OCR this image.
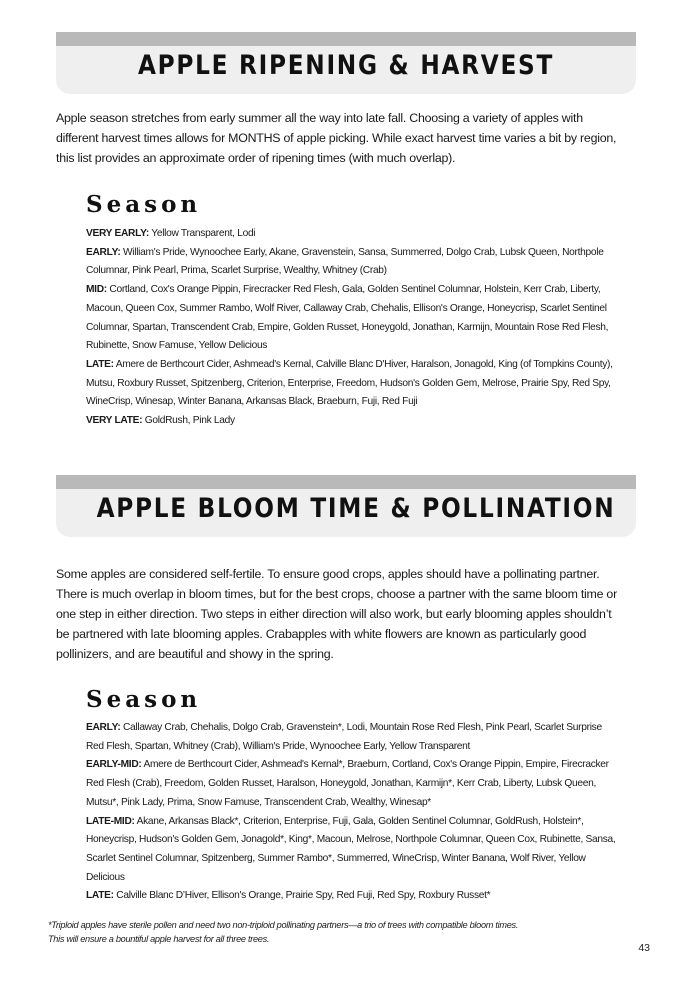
APPLE RIPENING & HARVEST
Apple season stretches from early summer all the way into late fall. Choosing a variety of apples with different harvest times allows for MONTHS of apple picking. While exact harvest time varies a bit by region, this list provides an approximate order of ripening times (with much overlap).
Season

VERY EARLY: Yellow Transparent, Lodi

EARLY: William's Pride, Wynoochee Early, Akane, Gravenstein, Sansa, Summerred, Dolgo Crab, Lubsk Queen, Northpole Columnar, Pink Pearl, Prima, Scarlet Surprise, Wealthy, Whitney (Crab)

MID: Cortland, Cox's Orange Pippin, Firecracker Red Flesh, Gala, Golden Sentinel Columnar, Holstein, Kerr Crab, Liberty, Macoun, Queen Cox, Summer Rambo, Wolf River, Callaway Crab, Chehalis, Ellison's Orange, Honeycrisp, Scarlet Sentinel Columnar, Spartan, Transcendent Crab, Empire, Golden Russet, Honeygold, Jonathan, Karmijn, Mountain Rose Red Flesh, Rubinette, Snow Famuse, Yellow Delicious

LATE: Amere de Berthcourt Cider, Ashmead's Kernal, Calville Blanc D'Hiver, Haralson, Jonagold, King (of Tompkins County), Mutsu, Roxbury Russet, Spitzenberg, Criterion, Enterprise, Freedom, Hudson's Golden Gem, Melrose, Prairie Spy, Red Spy, WineCrisp, Winesap, Winter Banana, Arkansas Black, Braeburn, Fuji, Red Fuji

VERY LATE: GoldRush, Pink Lady

APPLE BLOOM TIME & POLLINATION
Some apples are considered self-fertile. To ensure good crops, apples should have a pollinating partner. There is much overlap in bloom times, but for the best crops, choose a partner with the same bloom time or one step in either direction. Two steps in either direction will also work, but early blooming apples shouldn’t be partnered with late blooming apples. Crabapples with white flowers are known as particularly good pollinizers, and are beautiful and showy in the spring.
Season

EARLY: Callaway Crab, Chehalis, Dolgo Crab, Gravenstein*, Lodi, Mountain Rose Red Flesh, Pink Pearl, Scarlet Surprise Red Flesh, Spartan, Whitney (Crab), William's Pride, Wynoochee Early, Yellow Transparent

EARLY-MID: Amere de Berthcourt Cider, Ashmead's Kernal*, Braeburn, Cortland, Cox's Orange Pippin, Empire, Firecracker Red Flesh (Crab), Freedom, Golden Russet, Haralson, Honeygold, Jonathan, Karmijn*, Kerr Crab, Liberty, Lubsk Queen, Mutsu*, Pink Lady, Prima, Snow Famuse, Transcendent Crab, Wealthy, Winesap*

LATE-MID: Akane, Arkansas Black*, Criterion, Enterprise, Fuji, Gala, Golden Sentinel Columnar, GoldRush, Holstein*, Honeycrisp, Hudson's Golden Gem, Jonagold*, King*, Macoun, Melrose, Northpole Columnar, Queen Cox, Rubinette, Sansa, Scarlet Sentinel Columnar, Spitzenberg, Summer Rambo*, Summerred, WineCrisp, Winter Banana, Wolf River, Yellow Delicious

LATE: Calville Blanc D’Hiver, Ellison's Orange, Prairie Spy, Red Fuji, Red Spy, Roxbury Russet*

*Triploid apples have sterile pollen and need two non-triploid pollinating partners—a trio of trees with compatible bloom times.

This will ensure a bountiful apple harvest for all three trees.

43
